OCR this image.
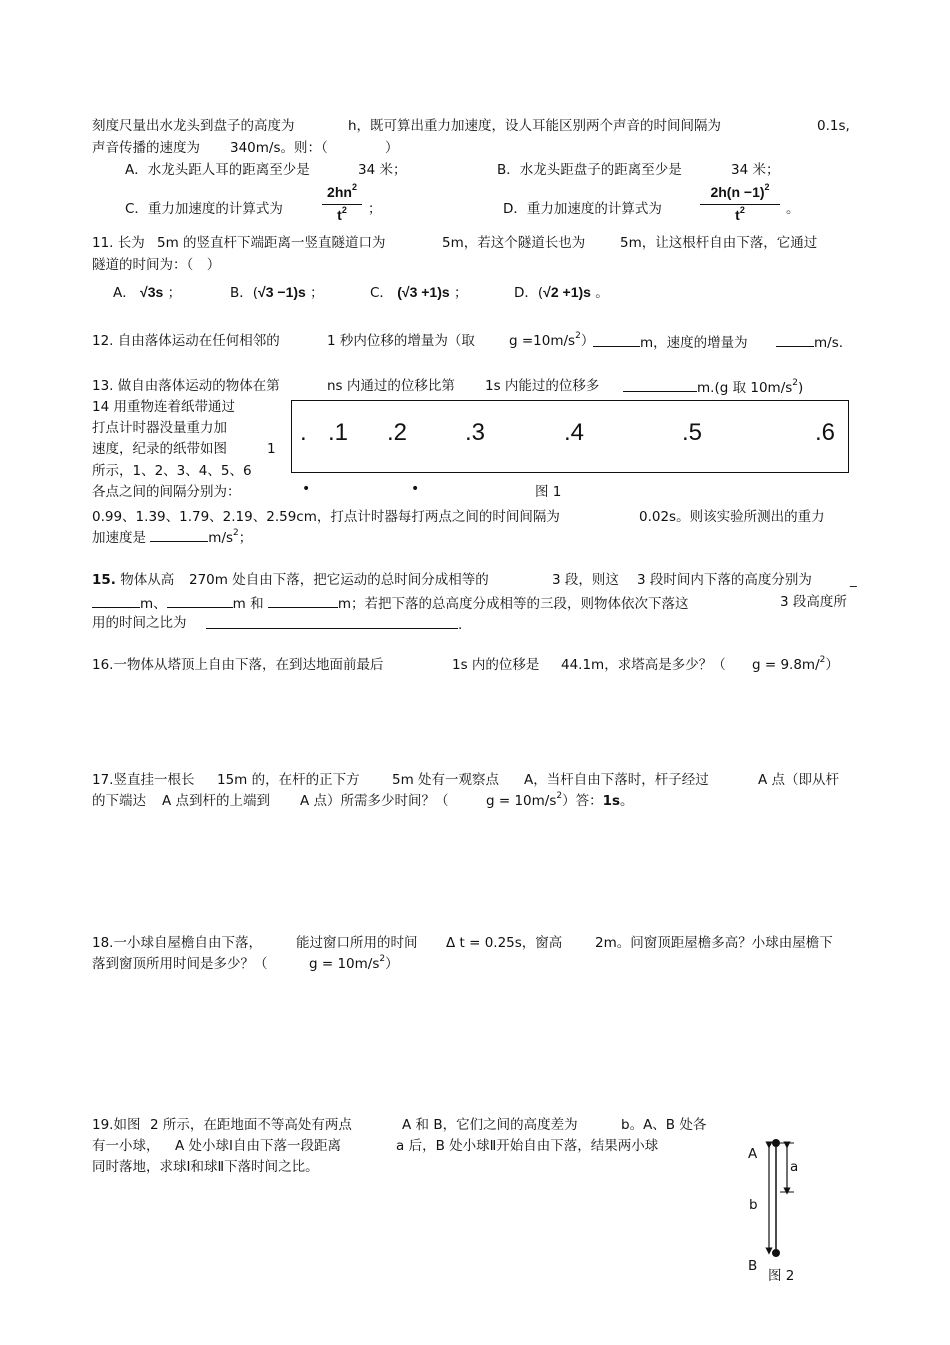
刻度尺量出水龙头到盘子的高度为	h，既可算出重力加速度，设人耳能区别两个声音的时间间隔为	0.1s,
声音传播的速度为 340m/s。则：（	）
A．水龙头距人耳的距离至少是	34 米；	B．水龙头距盘子的距离至少是	34 米；
C．重力加速度的计算式为
$2hn^2$
$t^2$	；	D．重力加速度的计算式为
$2h(n -1)^2$
$t^2$	。
11. 长为 5m 的竖直杆下端距离一竖直隧道口为	5m，若这个隧道长也为	5m，让这根杆自由下落，它通过
隧道的时间为：（　）
A． √3s ；	B．(√3 −1)s ；	C． (√3 +1)s ；	D．(√2 +1)s 。
12. 自由落体运动在任何相邻的	1 秒内位移的增量为（取	$g =10m/s^2$）	m，速度的增量为	m/s.
13. 做自由落体运动的物体在第	ns 内通过的位移比第 1s 内能过的位移多	m.(g 取 $10m/s^2$)
14 用重物连着纸带通过
打点计时器没量重力加
速度，纪录的纸带如图	1
所示，1、2、3、4、5、6
各点之间的间隔分别为：
. .1 .2 .3	.4	.5	.6
•	•	图 1
0.99、1.39、1.79、2.19、2.59cm，打点计时器每打两点之间的时间间隔为	0.02s。则该实验所测出的重力
加速度是	$m/s^2$；
15. 物体从高 270m 处自由下落，把它运动的总时间分成相等的	3 段，则这 3 段时间内下落的高度分别为	_
m、	m 和	m；若把下落的总高度分成相等的三段，则物体依次下落这	3 段高度所
用的时间之比为	.
16.一物体从塔顶上自由下落，在到达地面前最后	1s 内的位移是 44.1m，求塔高是多少？（ g = 9.8m/$^2$）
17.竖直挂一根长 15m 的，在杆的正下方 5m 处有一观察点 A，当杆自由下落时，杆子经过	A 点（即从杆
的下端达 A 点到杆的上端到 A 点）所需多少时间？（	$g = 10m/s^2$）答：1s。
18.一小球自屋檐自由下落，	能过窗口所用的时间 Δ t = 0.25s，窗高 2m。问窗顶距屋檐多高？小球由屋檐下
落到窗顶所用时间是多少？（	$g = 10m/s^2$）
19.如图 2 所示，在距地面不等高处有两点	A 和 B，它们之间的高度差为	b。A、B 处各
有一小球， A 处小球Ⅰ自由下落一段距离	a 后，B 处小球Ⅱ开始自由下落，结果两小球
同时落地，求球Ⅰ和球Ⅱ下落时间之比。
A
a
b
B
图 2
